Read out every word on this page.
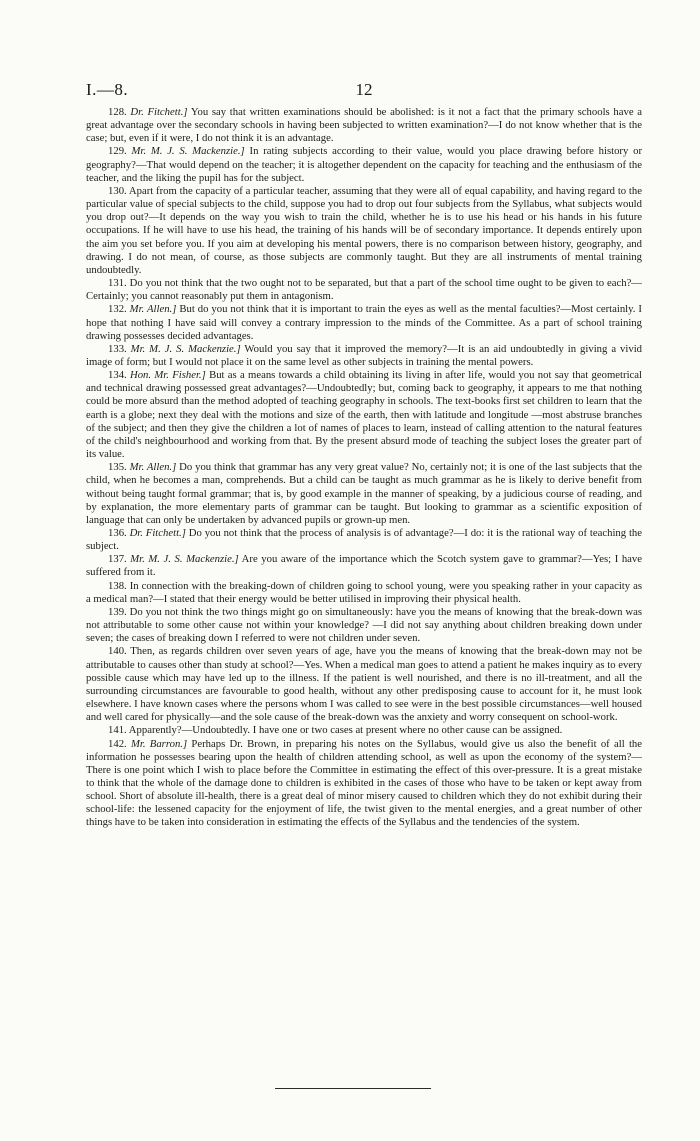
I.—8.	12

128. Dr. Fitchett.] You say that written examinations should be abolished: is it not a fact that the primary schools have a great advantage over the secondary schools in having been subjected to written examination?—I do not know whether that is the case; but, even if it were, I do not think it is an advantage.

129. Mr. M. J. S. Mackenzie.] In rating subjects according to their value, would you place drawing before history or geography?—That would depend on the teacher; it is altogether dependent on the capacity for teaching and the enthusiasm of the teacher, and the liking the pupil has for the subject.

130. Apart from the capacity of a particular teacher, assuming that they were all of equal capability, and having regard to the particular value of special subjects to the child, suppose you had to drop out four subjects from the Syllabus, what subjects would you drop out?—It depends on the way you wish to train the child, whether he is to use his head or his hands in his future occupations. If he will have to use his head, the training of his hands will be of secondary importance. It depends entirely upon the aim you set before you. If you aim at developing his mental powers, there is no comparison between history, geography, and drawing. I do not mean, of course, as those subjects are commonly taught. But they are all instruments of mental training undoubtedly.

131. Do you not think that the two ought not to be separated, but that a part of the school time ought to be given to each?—Certainly; you cannot reasonably put them in antagonism.

132. Mr. Allen.] But do you not think that it is important to train the eyes as well as the mental faculties?—Most certainly. I hope that nothing I have said will convey a contrary impression to the minds of the Committee. As a part of school training drawing possesses decided advantages.

133. Mr. M. J. S. Mackenzie.] Would you say that it improved the memory?—It is an aid undoubtedly in giving a vivid image of form; but I would not place it on the same level as other subjects in training the mental powers.

134. Hon. Mr. Fisher.] But as a means towards a child obtaining its living in after life, would you not say that geometrical and technical drawing possessed great advantages?—Undoubtedly; but, coming back to geography, it appears to me that nothing could be more absurd than the method adopted of teaching geography in schools. The text-books first set children to learn that the earth is a globe; next they deal with the motions and size of the earth, then with latitude and longitude —most abstruse branches of the subject; and then they give the children a lot of names of places to learn, instead of calling attention to the natural features of the child's neighbourhood and working from that. By the present absurd mode of teaching the subject loses the greater part of its value.

135. Mr. Allen.] Do you think that grammar has any very great value? No, certainly not; it is one of the last subjects that the child, when he becomes a man, comprehends. But a child can be taught as much grammar as he is likely to derive benefit from without being taught formal grammar; that is, by good example in the manner of speaking, by a judicious course of reading, and by explanation, the more elementary parts of grammar can be taught. But looking to grammar as a scientific exposition of language that can only be undertaken by advanced pupils or grown-up men.

136. Dr. Fitchett.] Do you not think that the process of analysis is of advantage?—I do: it is the rational way of teaching the subject.

137. Mr. M. J. S. Mackenzie.] Are you aware of the importance which the Scotch system gave to grammar?—Yes; I have suffered from it.

138. In connection with the breaking-down of children going to school young, were you speaking rather in your capacity as a medical man?—I stated that their energy would be better utilised in improving their physical health.

139. Do you not think the two things might go on simultaneously: have you the means of knowing that the break-down was not attributable to some other cause not within your knowledge? —I did not say anything about children breaking down under seven; the cases of breaking down I referred to were not children under seven.

140. Then, as regards children over seven years of age, have you the means of knowing that the break-down may not be attributable to causes other than study at school?—Yes. When a medical man goes to attend a patient he makes inquiry as to every possible cause which may have led up to the illness. If the patient is well nourished, and there is no ill-treatment, and all the surrounding circumstances are favourable to good health, without any other predisposing cause to account for it, he must look elsewhere. I have known cases where the persons whom I was called to see were in the best possible circumstances—well housed and well cared for physically—and the sole cause of the break-down was the anxiety and worry consequent on school-work.

141. Apparently?—Undoubtedly. I have one or two cases at present where no other cause can be assigned.

142. Mr. Barron.] Perhaps Dr. Brown, in preparing his notes on the Syllabus, would give us also the benefit of all the information he possesses bearing upon the health of children attending school, as well as upon the economy of the system?—There is one point which I wish to place before the Committee in estimating the effect of this over-pressure. It is a great mistake to think that the whole of the damage done to children is exhibited in the cases of those who have to be taken or kept away from school. Short of absolute ill-health, there is a great deal of minor misery caused to children which they do not exhibit during their school-life: the lessened capacity for the enjoyment of life, the twist given to the mental energies, and a great number of other things have to be taken into consideration in estimating the effects of the Syllabus and the tendencies of the system.
